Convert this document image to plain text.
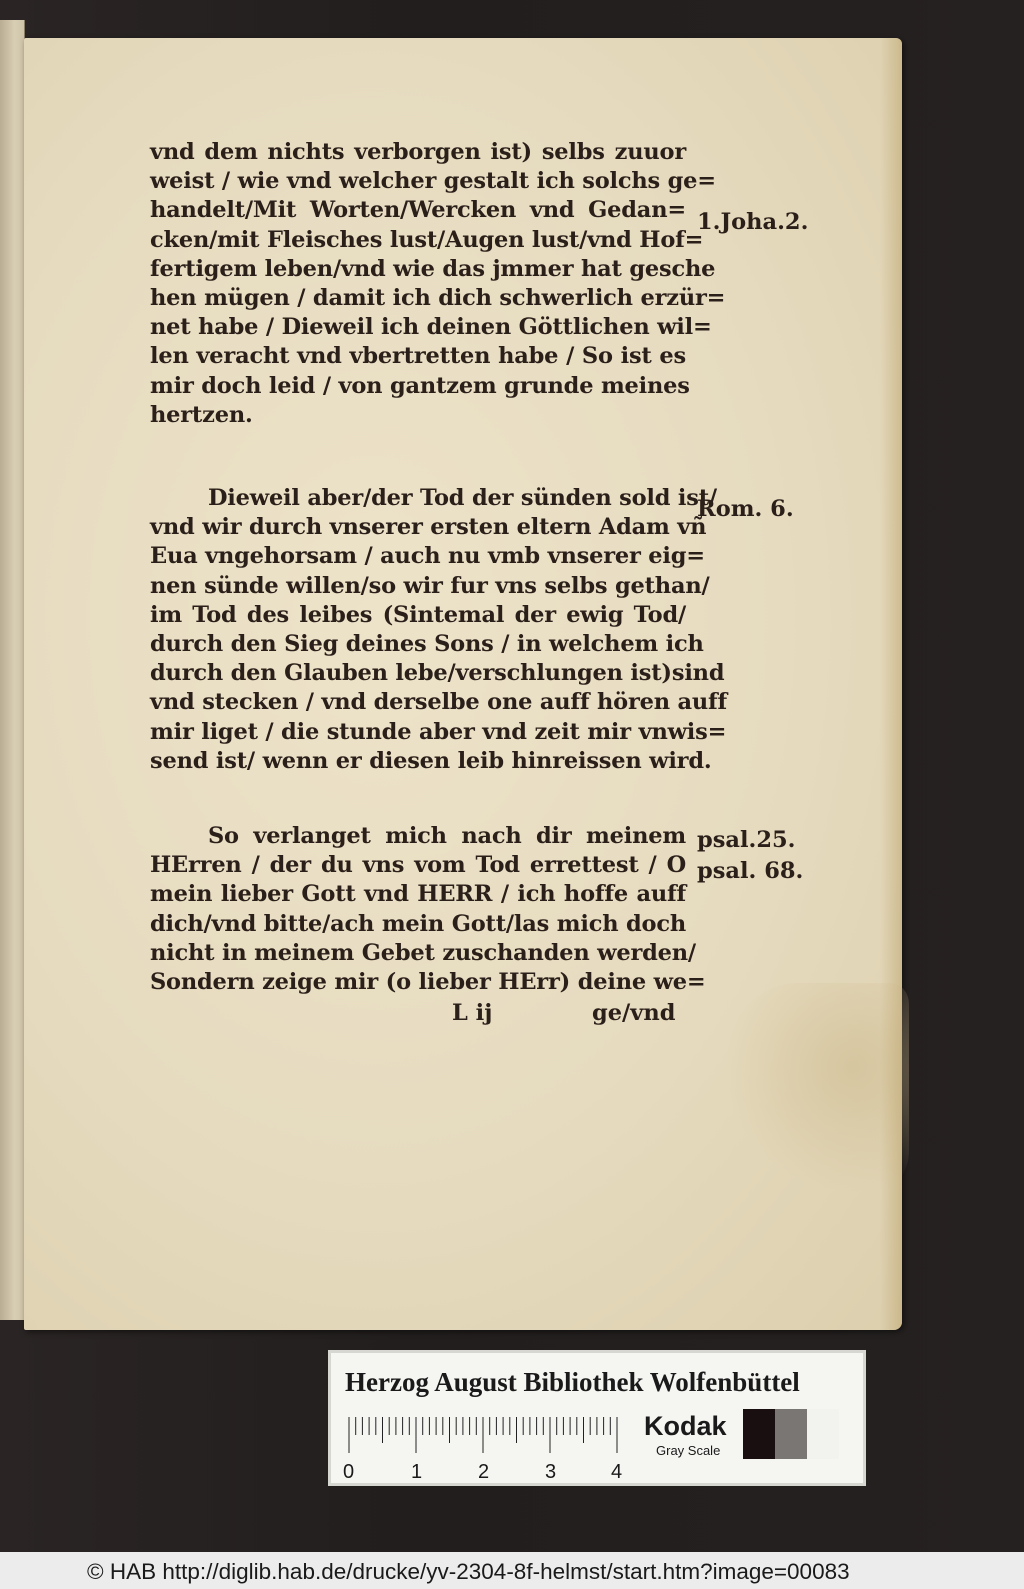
vnd dem nichts verborgen ist) selbs zuuor
weist / wie vnd welcher gestalt ich solchs ge=
handelt/Mit Worten/Wercken vnd Gedan=
cken/mit Fleisches lust/Augen lust/vnd Hof=
fertigem leben/vnd wie das jmmer hat gesche
hen mügen / damit ich dich schwerlich erzür=
net habe / Dieweil ich deinen Göttlichen wil=
len veracht vnd vbertretten habe / So ist es
mir doch leid / von gantzem grunde meines
hertzen.
Dieweil aber/der Tod der sünden sold ist/
vnd wir durch vnserer ersten eltern Adam vñ
Eua vngehorsam / auch nu vmb vnserer eig=
nen sünde willen/so wir fur vns selbs gethan/
im Tod des leibes (Sintemal der ewig Tod/
durch den Sieg deines Sons / in welchem ich
durch den Glauben lebe/verschlungen ist)sind
vnd stecken / vnd derselbe one auff hören auff
mir liget / die stunde aber vnd zeit mir vnwis=
send ist/ wenn er diesen leib hinreissen wird.
So verlanget mich nach dir meinem
HErren / der du vns vom Tod errettest / O
mein lieber Gott vnd HERR / ich hoffe auff
dich/vnd bitte/ach mein Gott/las mich doch
nicht in meinem Gebet zuschanden werden/
Sondern zeige mir (o lieber HErr) deine we=
L ij	ge/vnd
1.Joha.2.
Rom. 6.
psal.25.
psal. 68.
Herzog August Bibliothek Wolfenbüttel
0	1	2	3	4
Kodak
Gray Scale
© HAB http://diglib.hab.de/drucke/yv-2304-8f-helmst/start.htm?image=00083
